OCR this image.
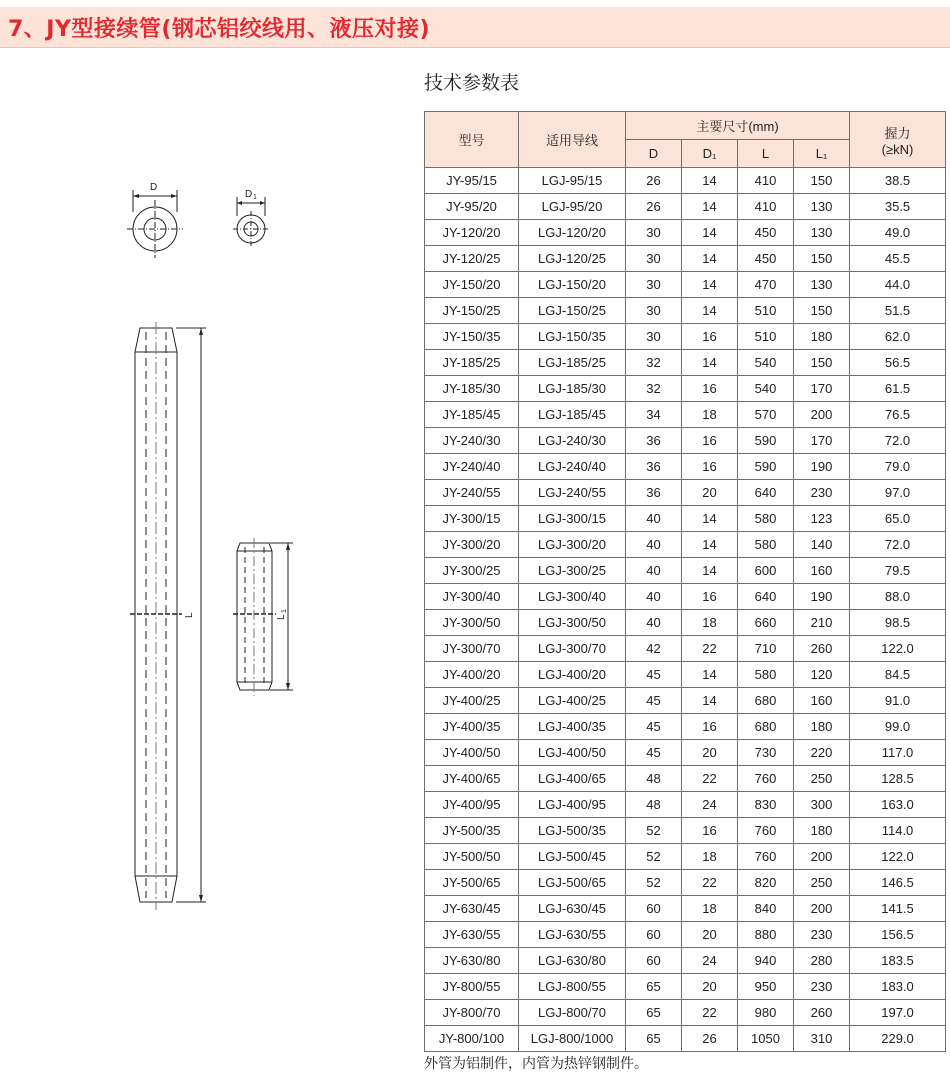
7、JY型接续管(钢芯铝绞线用、液压对接)
D
D 1
L	L
1
技术参数表
型号	适用导线	主要尺寸(mm)				握力
(≥kN)

		D	D₁	L	L₁	
JY-95/15	LGJ-95/15	26	14	410	150	38.5
JY-95/20	LGJ-95/20	26	14	410	130	35.5
JY-120/20	LGJ-120/20	30	14	450	130	49.0
JY-120/25	LGJ-120/25	30	14	450	150	45.5
JY-150/20	LGJ-150/20	30	14	470	130	44.0
JY-150/25	LGJ-150/25	30	14	510	150	51.5
JY-150/35	LGJ-150/35	30	16	510	180	62.0
JY-185/25	LGJ-185/25	32	14	540	150	56.5
JY-185/30	LGJ-185/30	32	16	540	170	61.5
JY-185/45	LGJ-185/45	34	18	570	200	76.5
JY-240/30	LGJ-240/30	36	16	590	170	72.0
JY-240/40	LGJ-240/40	36	16	590	190	79.0
JY-240/55	LGJ-240/55	36	20	640	230	97.0
JY-300/15	LGJ-300/15	40	14	580	123	65.0
JY-300/20	LGJ-300/20	40	14	580	140	72.0
JY-300/25	LGJ-300/25	40	14	600	160	79.5
JY-300/40	LGJ-300/40	40	16	640	190	88.0
JY-300/50	LGJ-300/50	40	18	660	210	98.5
JY-300/70	LGJ-300/70	42	22	710	260	122.0
JY-400/20	LGJ-400/20	45	14	580	120	84.5
JY-400/25	LGJ-400/25	45	14	680	160	91.0
JY-400/35	LGJ-400/35	45	16	680	180	99.0
JY-400/50	LGJ-400/50	45	20	730	220	117.0
JY-400/65	LGJ-400/65	48	22	760	250	128.5
JY-400/95	LGJ-400/95	48	24	830	300	163.0
JY-500/35	LGJ-500/35	52	16	760	180	114.0
JY-500/50	LGJ-500/45	52	18	760	200	122.0
JY-500/65	LGJ-500/65	52	22	820	250	146.5
JY-630/45	LGJ-630/45	60	18	840	200	141.5
JY-630/55	LGJ-630/55	60	20	880	230	156.5
JY-630/80	LGJ-630/80	60	24	940	280	183.5
JY-800/55	LGJ-800/55	65	20	950	230	183.0
JY-800/70	LGJ-800/70	65	22	980	260	197.0
JY-800/100	LGJ-800/1000	65	26	1050	310	229.0
外管为铝制件，内管为热锌钢制件。
